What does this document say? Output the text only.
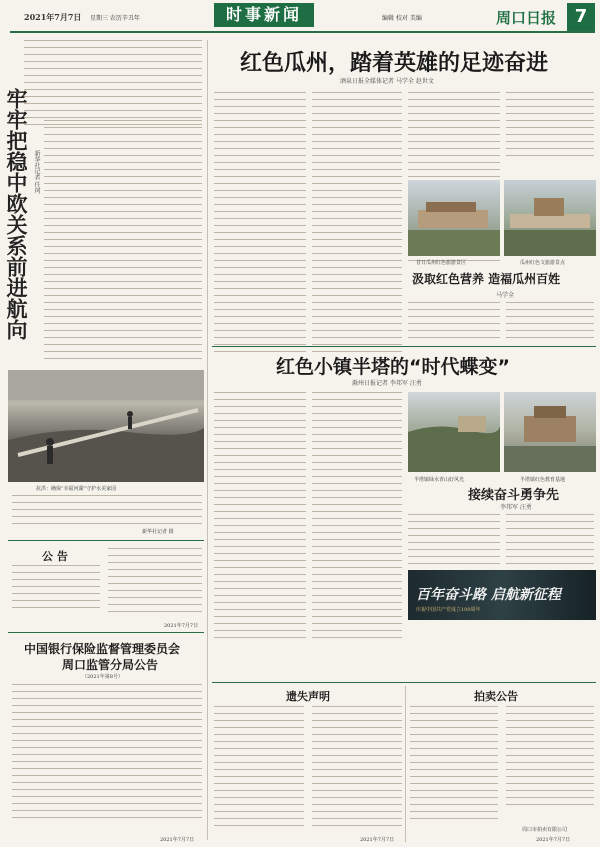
2021年7月7日 星期三 农历辛丑年	时事新闻	编辑 校对 美编	周口日报	7
牢牢把稳中欧关系前进航向 新华社记者 任珂
抗洪：确保“幸福河湖”守护水美家园
新华社记者 摄
公 告
2021年7月7日
中国银行保险监督管理委员会
周口监管分局公告
（2021年第8号）
2021年7月7日
红色瓜州，踏着英雄的足迹奋进
酒泉日报全媒体记者 马学全 赵世文
昔日瓜州红色旅游景区	瓜州红色文旅游景点
汲取红色营养 造福瓜州百姓
马学全
红色小镇半塔的“时代蝶变”
滁州日报记者 李邦军 汪勇
半塔镇绿水青山好风光	半塔镇红色教育基地
接续奋斗勇争先
李邦军 汪勇
百年奋斗路 启航新征程
庆祝中国共产党成立100周年
遗失声明
2021年7月7日
拍卖公告
周口市拍卖有限公司
2021年7月7日
